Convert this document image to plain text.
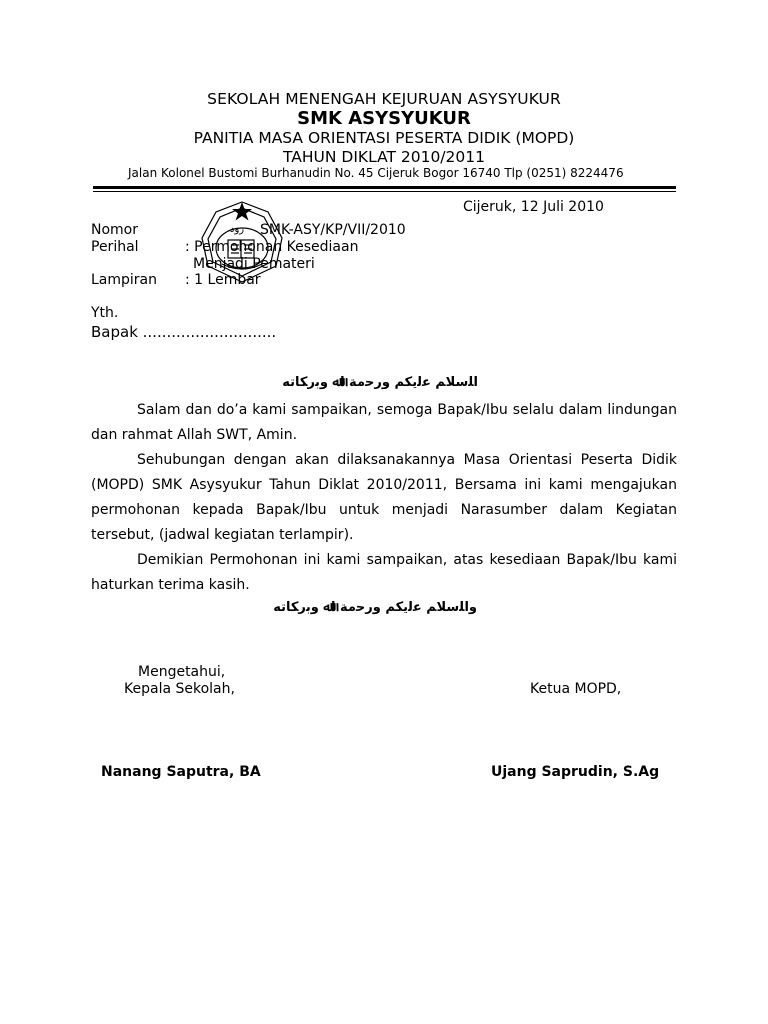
SEKOLAH MENENGAH KEJURUAN ASYSYUKUR
SMK ASYSYUKUR
PANITIA MASA ORIENTASI PESERTA DIDIK (MOPD)
TAHUN DIKLAT 2010/2011
Jalan Kolonel Bustomi Burhanudin No. 45 Cijeruk Bogor 16740 Tlp (0251) 8224476
Cijeruk, 12 Juli 2010
Nomor	SMK-ASY/KP/VII/2010
Perihal	: Permohonan Kesediaan
Menjadi Pemateri
Lampiran : 1 Lembar
رود
Yth.
Bapak ............................
ﺍﻠﺳﻼﻢ ﻋﻟﻳﻜﻢ ﻭﺭﺣﻣﺔ ﺍﷲ ﻭﺑﺭﻜﺎﺗﻪ

Salam dan do’a kami sampaikan, semoga Bapak/Ibu selalu dalam lindungan dan rahmat Allah SWT, Amin.

Sehubungan dengan akan dilaksanakannya Masa Orientasi Peserta Didik (MOPD) SMK Asysyukur Tahun Diklat 2010/2011, Bersama ini kami mengajukan permohonan kepada Bapak/Ibu untuk menjadi Narasumber dalam Kegiatan tersebut, (jadwal kegiatan terlampir).

Demikian Permohonan ini kami sampaikan, atas kesediaan Bapak/Ibu kami haturkan terima kasih.

ﻭﺍﻠﺳﻼﻢ ﻋﻟﻳﻜﻢ ﻭﺭﺣﻣﺔ ﺍﷲ ﻭﺑﺭﻜﺎﺗﻪ
Mengetahui,
Kepala Sekolah,	Ketua MOPD,
Nanang Saputra, BA	Ujang Saprudin, S.Ag
